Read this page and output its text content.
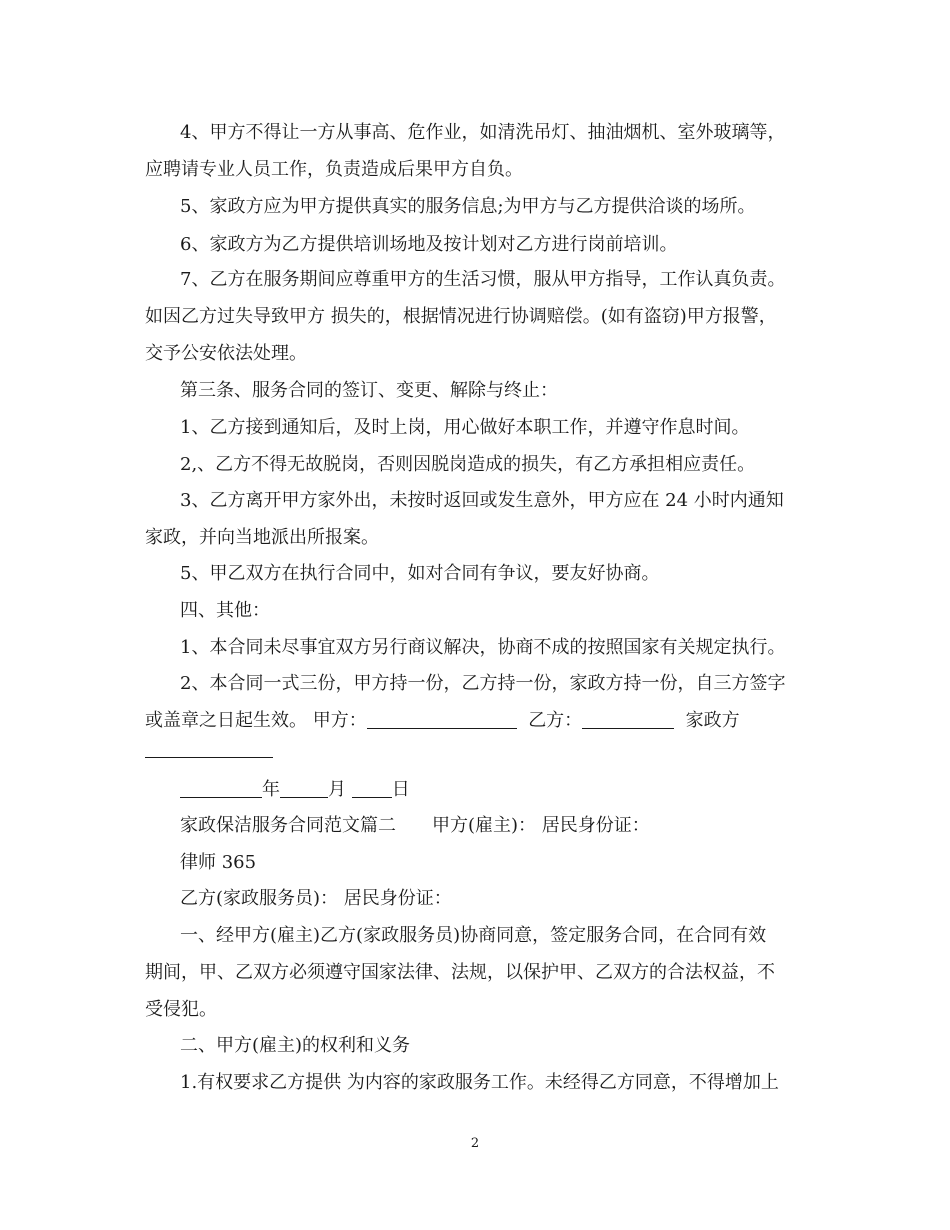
4、甲方不得让一方从事高、危作业，如清洗吊灯、抽油烟机、室外玻璃等，

应聘请专业人员工作，负责造成后果甲方自负。

5、家政方应为甲方提供真实的服务信息;为甲方与乙方提供洽谈的场所。

6、家政方为乙方提供培训场地及按计划对乙方进行岗前培训。

7、乙方在服务期间应尊重甲方的生活习惯，服从甲方指导，工作认真负责。

如因乙方过失导致甲方 损失的，根据情况进行协调赔偿。(如有盗窃)甲方报警，

交予公安依法处理。

第三条、服务合同的签订、变更、解除与终止：

1、乙方接到通知后，及时上岗，用心做好本职工作，并遵守作息时间。

2,、乙方不得无故脱岗，否则因脱岗造成的损失，有乙方承担相应责任。

3、乙方离开甲方家外出，未按时返回或发生意外，甲方应在 24 小时内通知

家政，并向当地派出所报案。

5、甲乙双方在执行合同中，如对合同有争议，要友好协商。

四、其他：

1、本合同未尽事宜双方另行商议解决，协商不成的按照国家有关规定执行。

2、本合同一式三份，甲方持一份，乙方持一份，家政方持一份，自三方签字

或盖章之日起生效。 甲方：	乙方：	家政方

年	月	日

家政保洁服务合同范文篇二　　甲方(雇主)： 居民身份证：

律师 365

乙方(家政服务员)： 居民身份证：

一、经甲方(雇主)乙方(家政服务员)协商同意，签定服务合同，在合同有效

期间，甲、乙双方必须遵守国家法律、法规，以保护甲、乙双方的合法权益，不

受侵犯。

二、甲方(雇主)的权利和义务

1.有权要求乙方提供 为内容的家政服务工作。未经得乙方同意，不得增加上

2
